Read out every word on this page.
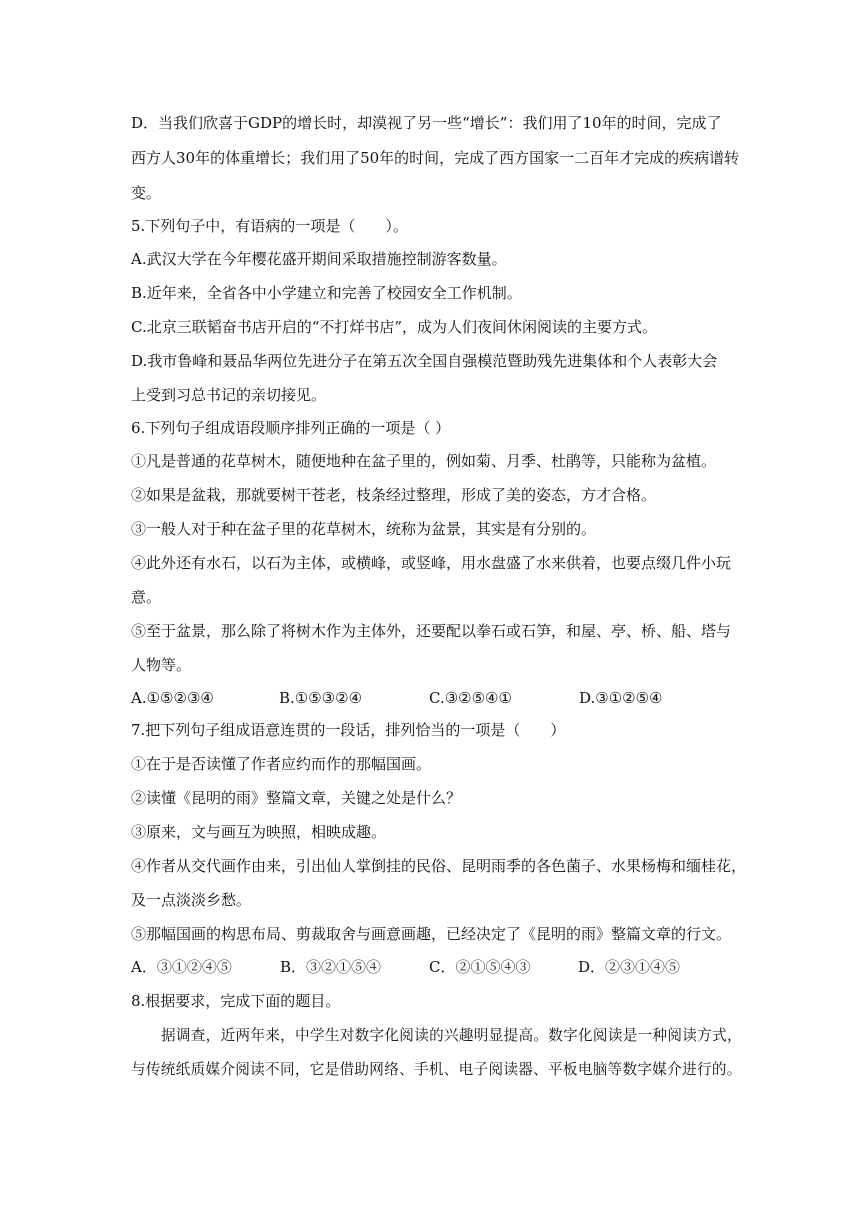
D．当我们欣喜于GDP的增长时，却漠视了另一些“增长”：我们用了10年的时间，完成了
西方人30年的体重增长；我们用了50年的时间，完成了西方国家一二百年才完成的疾病谱转
变。
5.下列句子中，有语病的一项是（　　）。
A.武汉大学在今年樱花盛开期间采取措施控制游客数量。
B.近年来，全省各中小学建立和完善了校园安全工作机制。
C.北京三联韬奋书店开启的“不打烊书店”，成为人们夜间休闲阅读的主要方式。
D.我市鲁峰和聂品华两位先进分子在第五次全国自强模范暨助残先进集体和个人表彰大会
上受到习总书记的亲切接见。
6.下列句子组成语段顺序排列正确的一项是（ ）
①凡是普通的花草树木，随便地种在盆子里的，例如菊、月季、杜鹃等，只能称为盆植。
②如果是盆栽，那就要树干苍老，枝条经过整理，形成了美的姿态，方才合格。
③一般人对于种在盆子里的花草树木，统称为盆景，其实是有分别的。
④此外还有水石，以石为主体，或横峰，或竖峰，用水盘盛了水来供着，也要点缀几件小玩
意。
⑤至于盆景，那么除了将树木作为主体外，还要配以拳石或石笋，和屋、亭、桥、船、塔与
人物等。
A.①⑤②③④	B.①⑤③②④	C.③②⑤④①	D.③①②⑤④
7.把下列句子组成语意连贯的一段话，排列恰当的一项是（　　）
①在于是否读懂了作者应约而作的那幅国画。
②读懂《昆明的雨》整篇文章，关键之处是什么？
③原来，文与画互为映照，相映成趣。
④作者从交代画作由来，引出仙人掌倒挂的民俗、昆明雨季的各色菌子、水果杨梅和缅桂花，
及一点淡淡乡愁。
⑤那幅国画的构思布局、剪裁取舍与画意画趣，已经决定了《昆明的雨》整篇文章的行文。
A．③①②④⑤	B．③②①⑤④	C．②①⑤④③	D．②③①④⑤
8.根据要求，完成下面的题目。
据调查，近两年来，中学生对数字化阅读的兴趣明显提高。数字化阅读是一种阅读方式，
与传统纸质媒介阅读不同，它是借助网络、手机、电子阅读器、平板电脑等数字媒介进行的。
